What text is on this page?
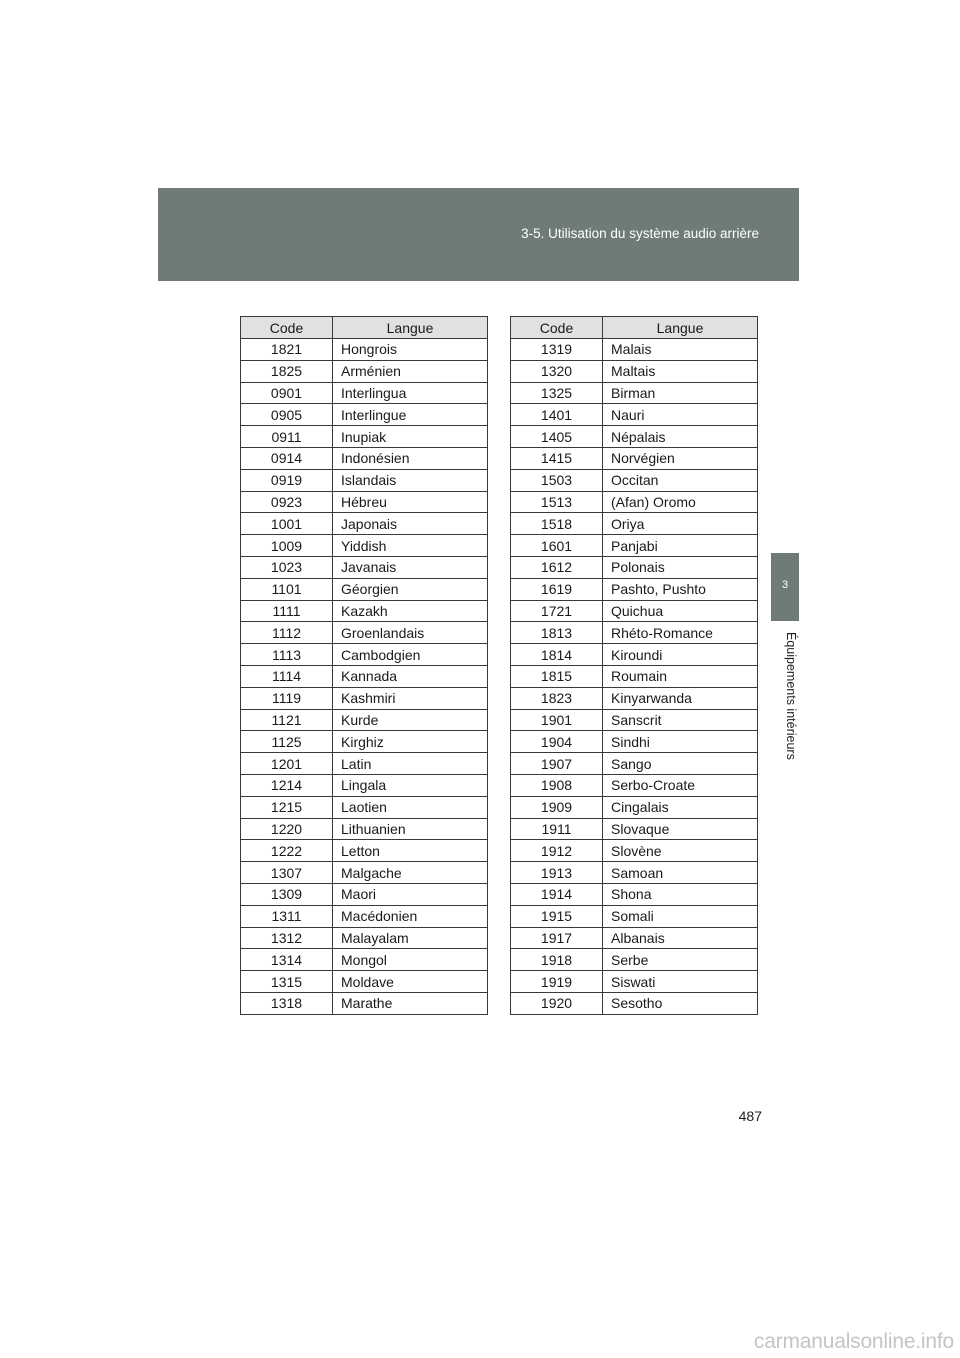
3-5. Utilisation du système audio arrière
3
Équipements intérieurs
Code	Langue
1821	Hongrois
1825	Arménien
0901	Interlingua
0905	Interlingue
0911	Inupiak
0914	Indonésien
0919	Islandais
0923	Hébreu
1001	Japonais
1009	Yiddish
1023	Javanais
1101	Géorgien
1111	Kazakh
1112	Groenlandais
1113	Cambodgien
1114	Kannada
1119	Kashmiri
1121	Kurde
1125	Kirghiz
1201	Latin
1214	Lingala
1215	Laotien
1220	Lithuanien
1222	Letton
1307	Malgache
1309	Maori
1311	Macédonien
1312	Malayalam
1314	Mongol
1315	Moldave
1318	Marathe
Code	Langue
1319	Malais
1320	Maltais
1325	Birman
1401	Nauri
1405	Népalais
1415	Norvégien
1503	Occitan
1513	(Afan) Oromo
1518	Oriya
1601	Panjabi
1612	Polonais
1619	Pashto, Pushto
1721	Quichua
1813	Rhéto-Romance
1814	Kiroundi
1815	Roumain
1823	Kinyarwanda
1901	Sanscrit
1904	Sindhi
1907	Sango
1908	Serbo-Croate
1909	Cingalais
1911	Slovaque
1912	Slovène
1913	Samoan
1914	Shona
1915	Somali
1917	Albanais
1918	Serbe
1919	Siswati
1920	Sesotho
487
carmanualsonline.info
